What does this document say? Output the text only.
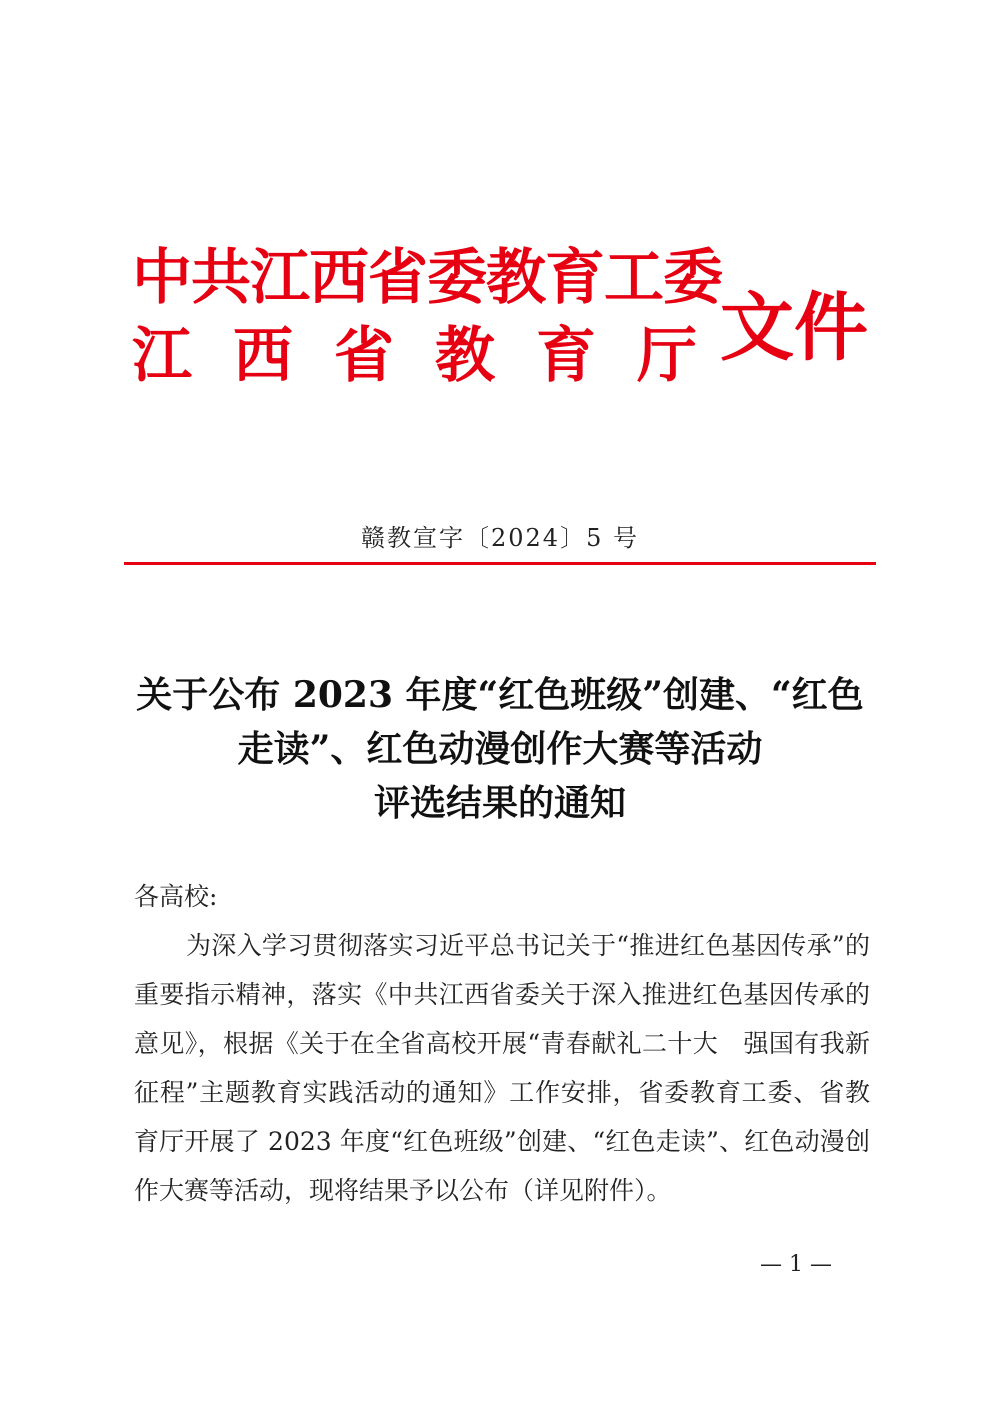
中共江西省委教育工委
江西省教育厅
文件
赣教宣字〔2024〕5 号
关于公布 2023 年度“红色班级”创建、“红色
走读”、红色动漫创作大赛等活动
评选结果的通知

各高校:

为深入学习贯彻落实习近平总书记关于“推进红色基因传承”的重要指示精神，落实《中共江西省委关于深入推进红色基因传承的意见》，根据《关于在全省高校开展“青春献礼二十大　强国有我新征程”主题教育实践活动的通知》工作安排，省委教育工委、省教育厅开展了 2023 年度“红色班级”创建、“红色走读”、红色动漫创作大赛等活动，现将结果予以公布（详见附件）。

— 1 —
